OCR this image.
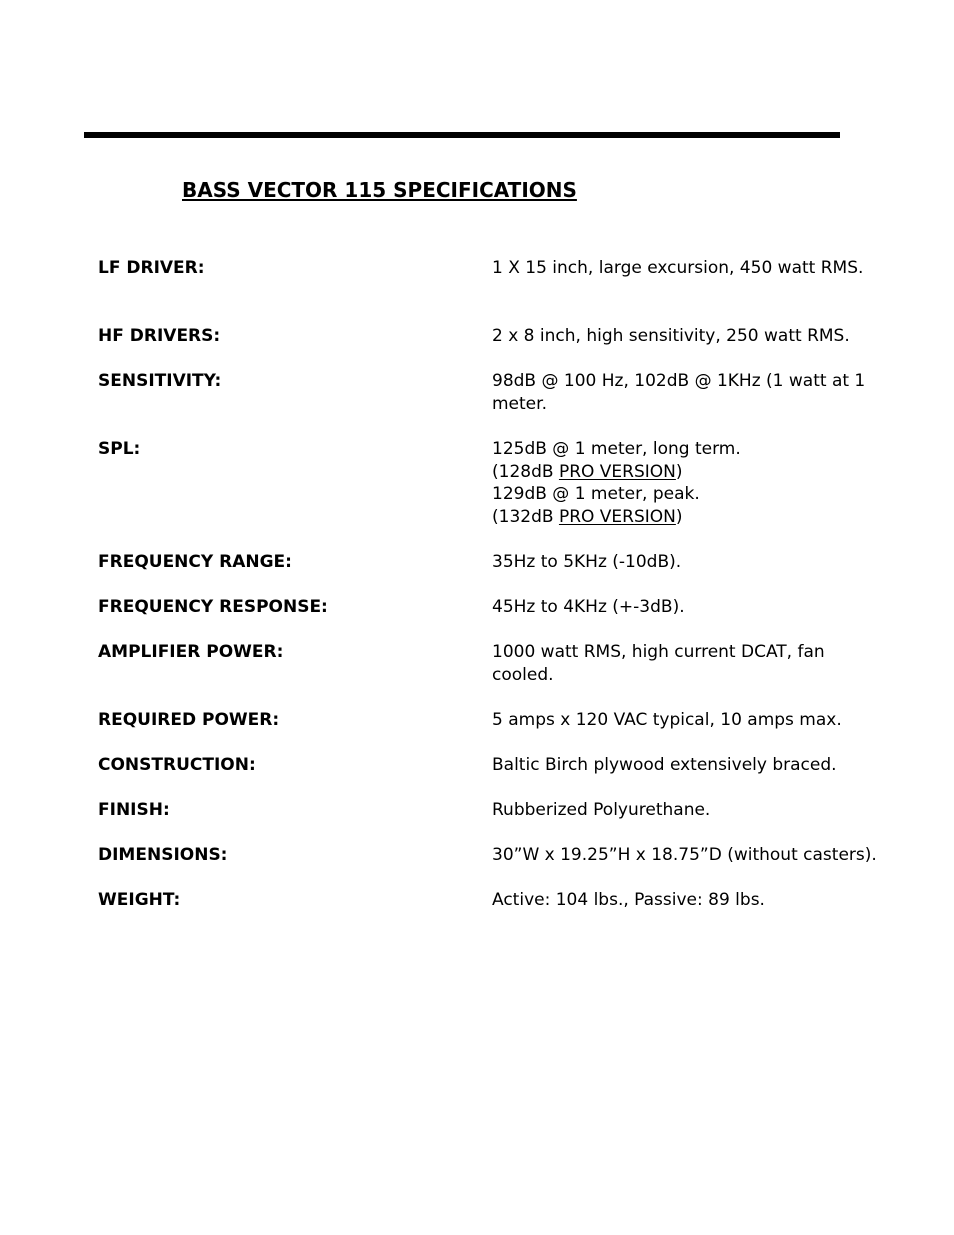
BASS VECTOR 115 SPECIFICATIONS
LF DRIVER:	1 X 15 inch, large excursion, 450 watt RMS.
HF DRIVERS:	2 x 8 inch, high sensitivity, 250 watt RMS.
SENSITIVITY:	98dB @ 100 Hz, 102dB @ 1KHz (1 watt at 1
meter.
SPL:	125dB @ 1 meter, long term.
(128dB PRO VERSION)
129dB @ 1 meter, peak.
(132dB PRO VERSION)
FREQUENCY RANGE:	35Hz to 5KHz (-10dB).
FREQUENCY RESPONSE:	45Hz to 4KHz (+-3dB).
AMPLIFIER POWER:	1000 watt RMS, high current DCAT, fan
cooled.
REQUIRED POWER:	5 amps x 120 VAC typical, 10 amps max.
CONSTRUCTION:	Baltic Birch plywood extensively braced.
FINISH:	Rubberized Polyurethane.
DIMENSIONS:	30”W x 19.25”H x 18.75”D (without casters).
WEIGHT:	Active: 104 lbs., Passive: 89 lbs.
